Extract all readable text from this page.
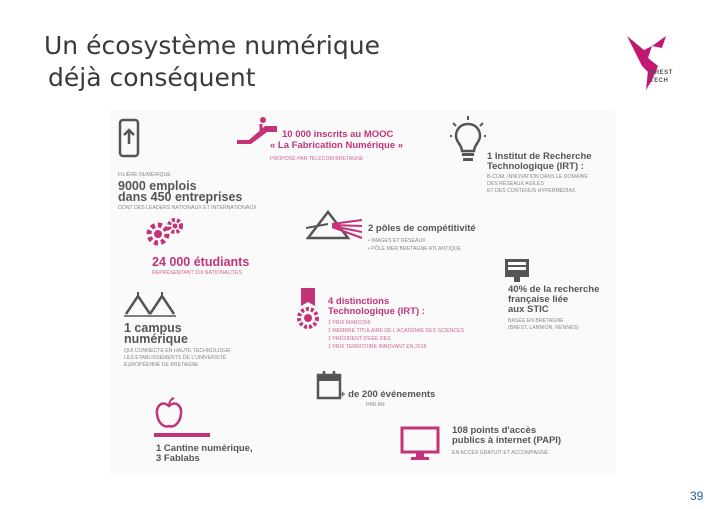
Un écosystème numérique
déjà conséquent	BREST
TECH

10 000 inscrits au MOOC

« La Fabrication Numérique »

PROPOSÉ PAR TÉLÉCOM BRETAGNE	1 Institut de Recherche

Technologique (IRT) :

B-COM, INNOVATION DANS LE DOMAINE

DES RÉSEAUX AGILES

ET DES CONTENUS HYPERMÉDIAS

FILIÈRE NUMÉRIQUE

9000 emplois

dans 450 entreprises

DONT DES LEADERS NATIONAUX ET INTERNATIONAUX

2 pôles de compétitivité

• IMAGES ET RÉSEAUX

• PÔLE MER BRETAGNE ATLANTIQUE

24 000 étudiants

REPRÉSENTANT 119 NATIONALITÉS

40% de la recherche

française liée

aux STIC

BASÉE EN BRETAGNE

(BREST, LANNION, RENNES)

4 distinctions

Technologique (IRT) :

1 PRIX MARCONI

1 MEMBRE TITULAIRE DE L'ACADÉMIE DES SCIENCES

1 PRÉSIDENT D'EEE DES

1 PRIX TERRITOIRE INNOVANT EN 2018

1 campus

numérique

QUI CONNECTE EN HAUTE TECHNOLOGIE

LES ÉTABLISSEMENTS DE L'UNIVERSITÉ

EUROPÉENNE DE BRETAGNE

+ de 200 événements

PAR AN

1 Cantine numérique,

3 Fablabs

108 points d'accès

publics à internet (PAPI)

EN ACCÈS GRATUIT ET ACCOMPAGNÉ

39
